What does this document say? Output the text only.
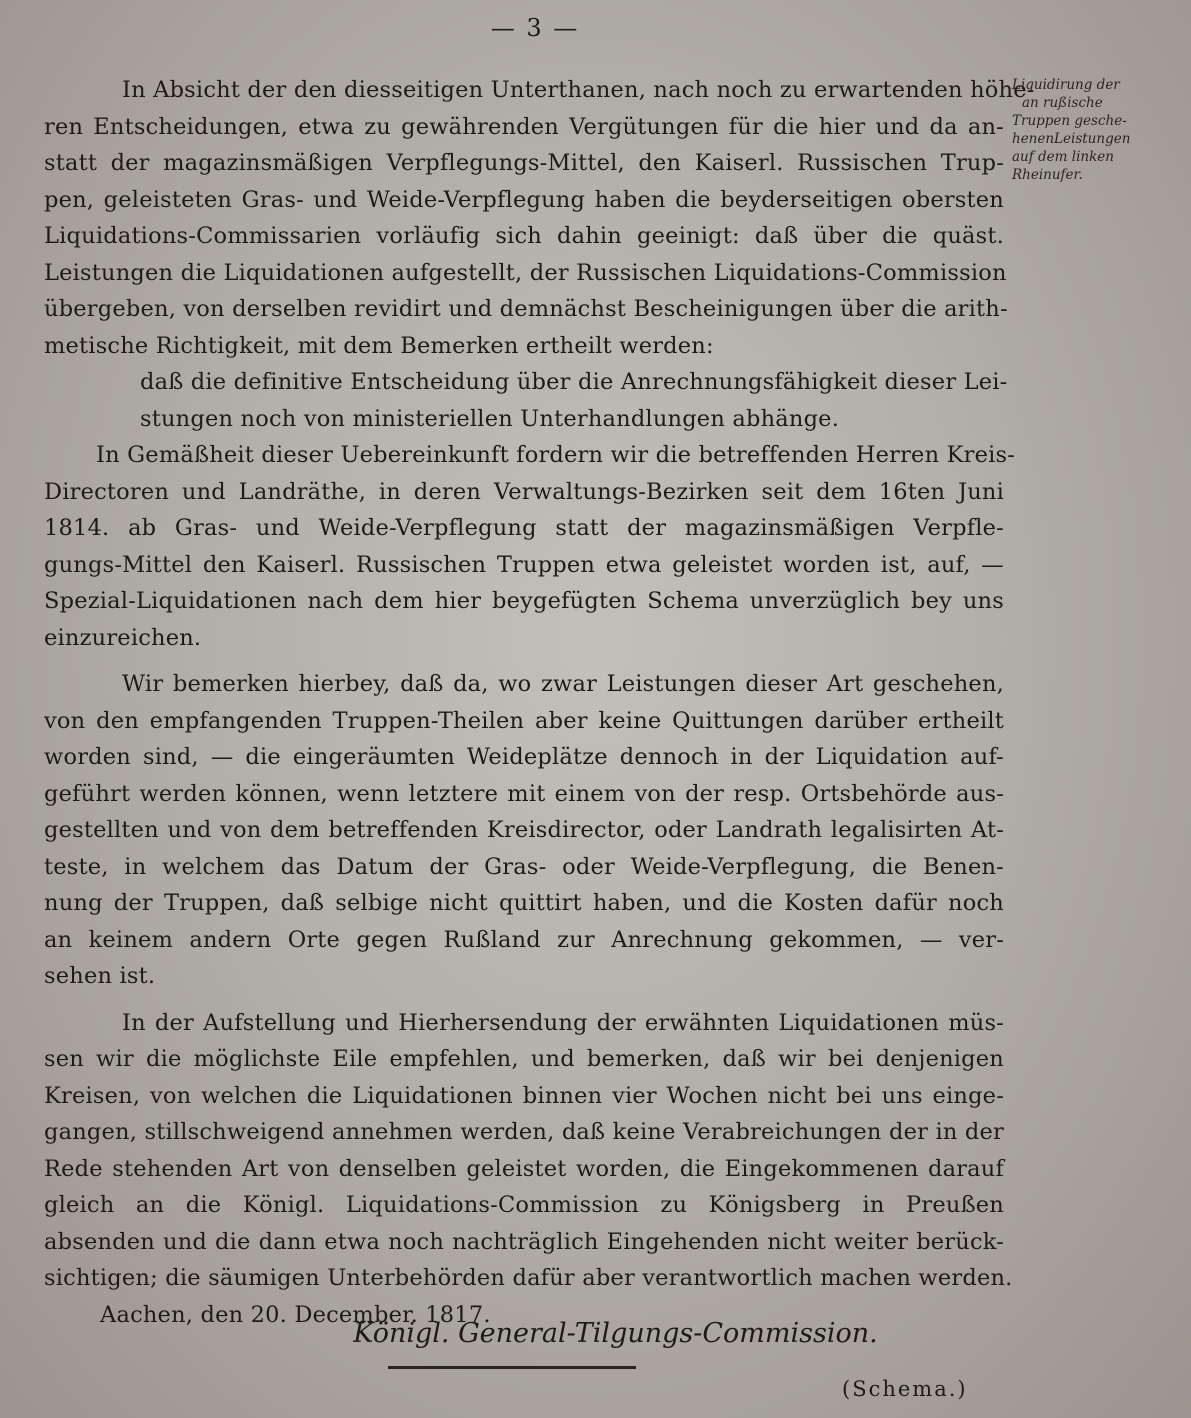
— 3 —
Liquidirung der
an rußische
Truppen gesche-
henenLeistungen
auf dem linken
Rheinufer.
In Absicht der den diesseitigen Unterthanen, nach noch zu erwartenden höhe-
ren Entscheidungen, etwa zu gewährenden Vergütungen für die hier und da an-
statt der magazinsmäßigen Verpflegungs-Mittel, den Kaiserl. Russischen Trup-
pen, geleisteten Gras- und Weide-Verpflegung haben die beyderseitigen obersten
Liquidations-Commissarien vorläufig sich dahin geeinigt: daß über die quäst.
Leistungen die Liquidationen aufgestellt, der Russischen Liquidations-Commission
übergeben, von derselben revidirt und demnächst Bescheinigungen über die arith-
metische Richtigkeit, mit dem Bemerken ertheilt werden:
daß die definitive Entscheidung über die Anrechnungsfähigkeit dieser Lei-
stungen noch von ministeriellen Unterhandlungen abhänge.
In Gemäßheit dieser Uebereinkunft fordern wir die betreffenden Herren Kreis-
Directoren und Landräthe, in deren Verwaltungs-Bezirken seit dem 16ten Juni
1814. ab Gras- und Weide-Verpflegung statt der magazinsmäßigen Verpfle-
gungs-Mittel den Kaiserl. Russischen Truppen etwa geleistet worden ist, auf, —
Spezial-Liquidationen nach dem hier beygefügten Schema unverzüglich bey uns
einzureichen.
Wir bemerken hierbey, daß da, wo zwar Leistungen dieser Art geschehen,
von den empfangenden Truppen-Theilen aber keine Quittungen darüber ertheilt
worden sind, — die eingeräumten Weideplätze dennoch in der Liquidation auf-
geführt werden können, wenn letztere mit einem von der resp. Ortsbehörde aus-
gestellten und von dem betreffenden Kreisdirector, oder Landrath legalisirten At-
teste, in welchem das Datum der Gras- oder Weide-Verpflegung, die Benen-
nung der Truppen, daß selbige nicht quittirt haben, und die Kosten dafür noch
an keinem andern Orte gegen Rußland zur Anrechnung gekommen, — ver-
sehen ist.
In der Aufstellung und Hierhersendung der erwähnten Liquidationen müs-
sen wir die möglichste Eile empfehlen, und bemerken, daß wir bei denjenigen
Kreisen, von welchen die Liquidationen binnen vier Wochen nicht bei uns einge-
gangen, stillschweigend annehmen werden, daß keine Verabreichungen der in der
Rede stehenden Art von denselben geleistet worden, die Eingekommenen darauf
gleich an die Königl. Liquidations-Commission zu Königsberg in Preußen
absenden und die dann etwa noch nachträglich Eingehenden nicht weiter berück-
sichtigen; die säumigen Unterbehörden dafür aber verantwortlich machen werden.
Aachen, den 20. December. 1817.
Königl. General-Tilgungs-Commission.
(Schema.)
